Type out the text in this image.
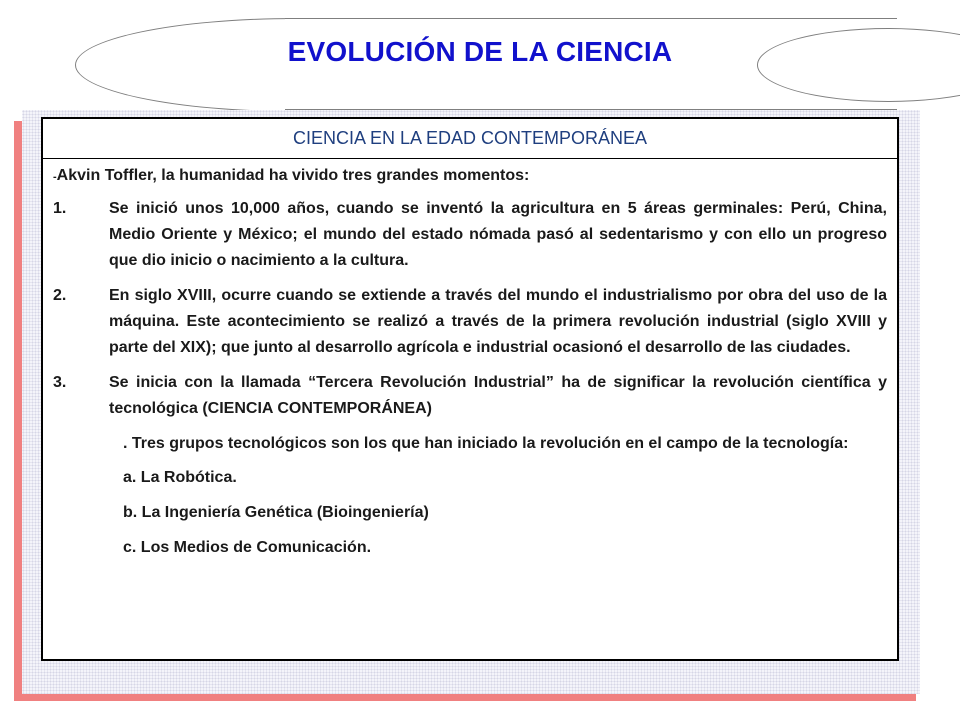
EVOLUCIÓN DE LA CIENCIA
CIENCIA EN LA EDAD CONTEMPORÁNEA
-Akvin Toffler, la humanidad ha vivido tres grandes momentos:
1.	Se inició unos 10,000 años, cuando se inventó la agricultura en 5 áreas germinales: Perú, China, Medio Oriente y México; el mundo del estado nómada pasó al sedentarismo y con ello un progreso que dio inicio o nacimiento a la cultura.
2.	En siglo XVIII, ocurre cuando se extiende a través del mundo el industrialismo por obra del uso de la máquina. Este acontecimiento se realizó a través de la primera revolución industrial (siglo XVIII y parte del XIX); que junto al desarrollo agrícola e industrial ocasionó el desarrollo de las ciudades.
3.	Se inicia con la llamada “Tercera Revolución Industrial” ha de significar la revolución científica y tecnológica (CIENCIA CONTEMPORÁNEA)
. Tres grupos tecnológicos son los que han iniciado la revolución en el campo de la tecnología:
a. La Robótica.
b. La Ingeniería Genética (Bioingeniería)
c. Los Medios de Comunicación.
